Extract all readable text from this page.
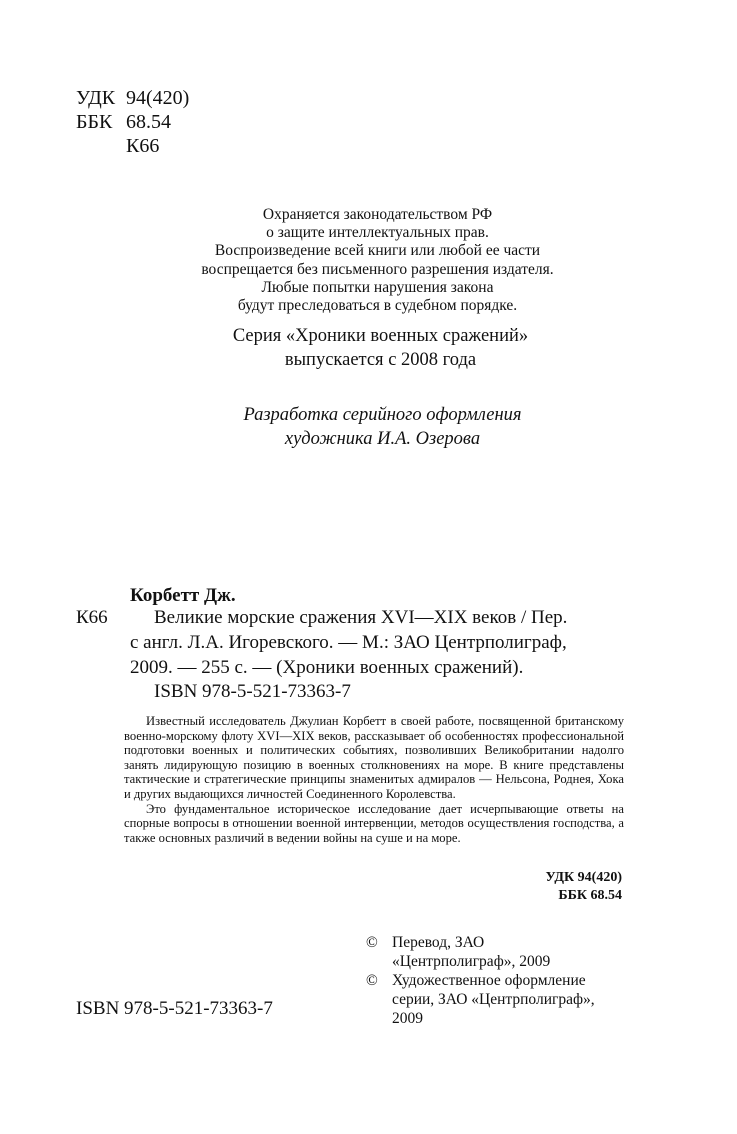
УДК 94(420)
ББК 68.54
К66
Охраняется законодательством РФ
о защите интеллектуальных прав.
Воспроизведение всей книги или любой ее части
воспрещается без письменного разрешения издателя.
Любые попытки нарушения закона
будут преследоваться в судебном порядке.
Серия «Хроники военных сражений»
выпускается с 2008 года
Разработка серийного оформления
художника И.А. Озерова
Корбетт Дж.
К66 Великие морские сражения XVI—XIX веков / Пер.
с англ. Л.А. Игоревского. — М.: ЗАО Центрполиграф,
2009. — 255 с. — (Хроники военных сражений).
ISBN 978-5-521-73363-7

Известный исследователь Джулиан Корбетт в своей работе, посвященной британскому военно-морскому флоту XVI—XIX веков, рассказывает об особенностях профессиональной подготовки военных и политических событиях, позволивших Великобритании надолго занять лидирующую позицию в военных столкновениях на море. В книге представлены тактические и стратегические принципы знаменитых адмиралов — Нельсона, Роднея, Хока и других выдающихся личностей Соединенного Королевства.

Это фундаментальное историческое исследование дает исчерпывающие ответы на спорные вопросы в отношении военной интервенции, методов осуществления господства, а также основных различий в ведении войны на суше и на море.

УДК 94(420)
ББК 68.54
© Перевод, ЗАО
«Центрполиграф», 2009
© Художественное оформление
серии, ЗАО «Центрполиграф»,
2009
ISBN 978-5-521-73363-7
